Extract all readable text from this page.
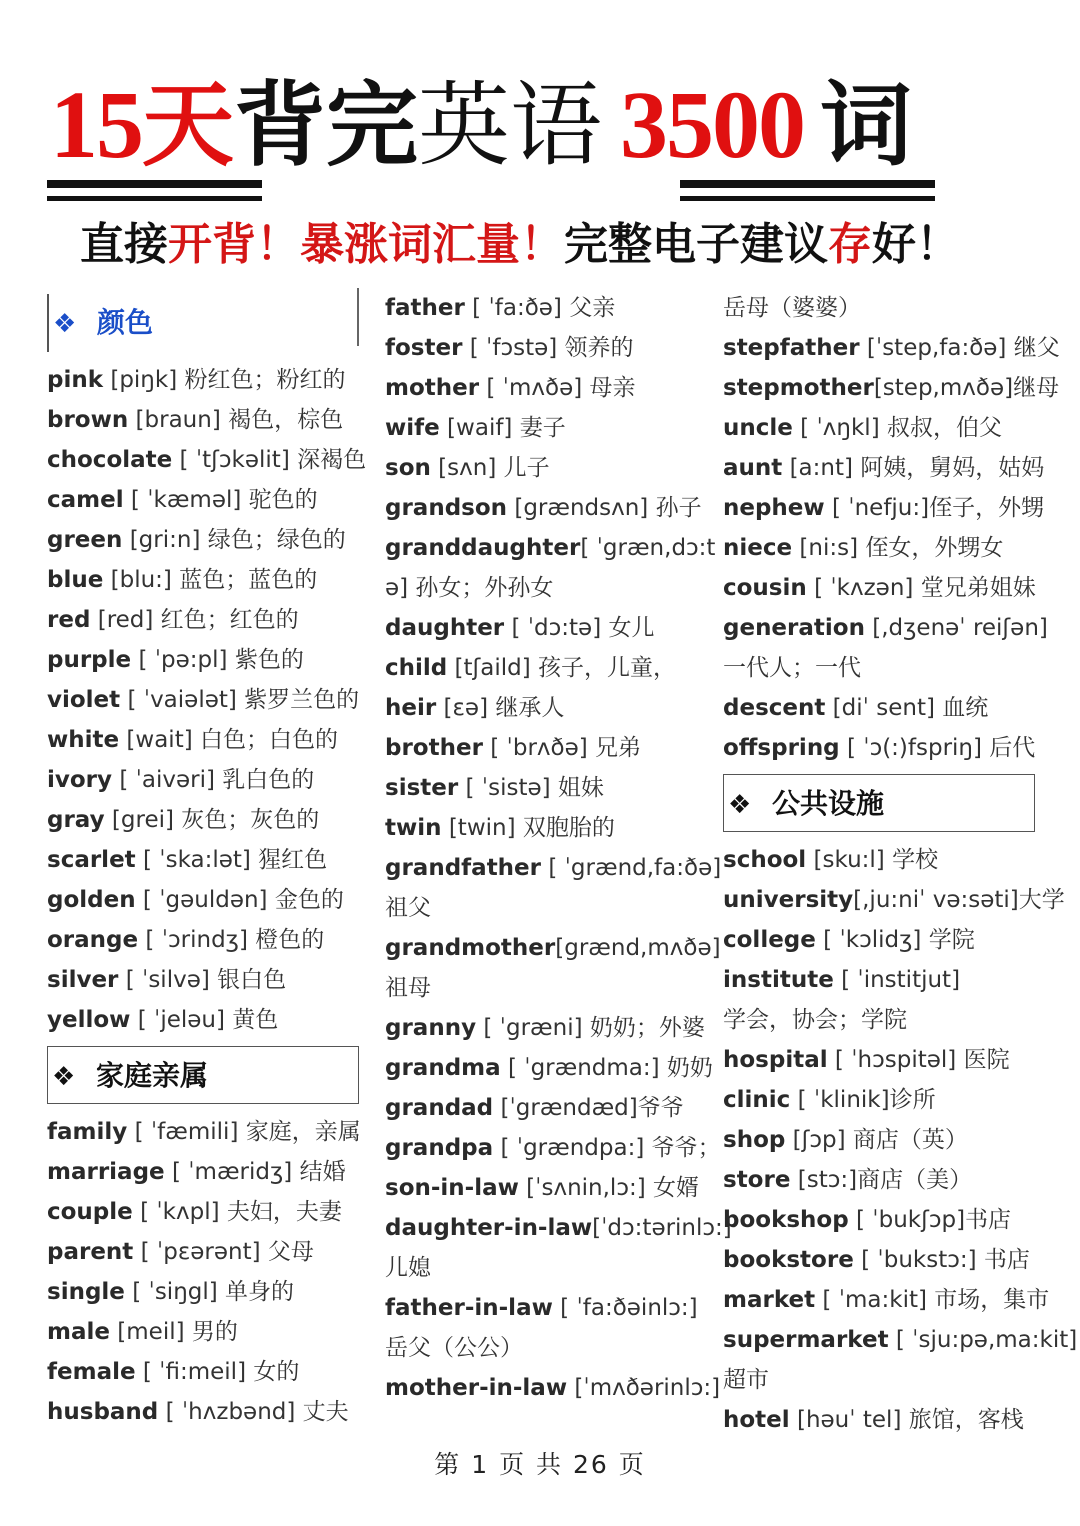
15天背完英语 3500 词
直接开背！暴涨词汇量！完整电子建议存好！
❖ 颜色
pink [piŋk] 粉红色；粉红的
brown [braun] 褐色，棕色
chocolate [ ˈtʃɔkəlit] 深褐色
camel [ ˈkæməl] 驼色的
green [gri:n] 绿色；绿色的
blue [blu:] 蓝色；蓝色的
red [red] 红色；红色的
purple [ ˈpə:pl] 紫色的
violet [ ˈvaiələt] 紫罗兰色的
white [wait] 白色；白色的
ivory [ ˈaivəri] 乳白色的
gray [grei] 灰色；灰色的
scarlet [ ˈska:lət] 猩红色
golden [ ˈgəuldən] 金色的
orange [ ˈɔrindʒ] 橙色的
silver [ ˈsilvə] 银白色
yellow [ ˈjeləu] 黄色
❖ 家庭亲属
family [ ˈfæmili] 家庭，亲属
marriage [ ˈmæridʒ] 结婚
couple [ ˈkʌpl] 夫妇，夫妻
parent [ ˈpεərənt] 父母
single [ ˈsiŋgl] 单身的
male [meil] 男的
female [ ˈfi:meil] 女的
husband [ ˈhʌzbənd] 丈夫
father [ ˈfa:ðə] 父亲
foster [ ˈfɔstə] 领养的
mother [ ˈmʌðə] 母亲
wife [waif] 妻子
son [sʌn] 儿子
grandson [grændsʌn] 孙子
granddaughter[ ˈgræn,dɔ:t
ə] 孙女；外孙女
daughter [ ˈdɔ:tə] 女儿
child [tʃaild] 孩子，儿童，
heir [εə] 继承人
brother [ ˈbrʌðə] 兄弟
sister [ ˈsistə] 姐妹
twin [twin] 双胞胎的
grandfather [ ˈgrænd,fa:ðə]
祖父
grandmother[grænd,mʌðə]
祖母
granny [ ˈgræni] 奶奶；外婆
grandma [ ˈgrændma:] 奶奶
grandad [ˈgrændæd]爷爷
grandpa [ ˈgrændpa:] 爷爷；
son-in-law [ˈsʌnin,lɔ:] 女婿
daughter-in-law[ˈdɔ:tərinlɔ:]
儿媳
father-in-law [ ˈfa:ðəinlɔ:]
岳父（公公）
mother-in-law [ˈmʌðərinlɔ:]
岳母（婆婆）
stepfather [ˈstep,fa:ðə] 继父
stepmother[step,mʌðə]继母
uncle [ ˈʌŋkl] 叔叔，伯父
aunt [a:nt] 阿姨，舅妈，姑妈
nephew [ ˈnefju:]侄子，外甥
niece [ni:s] 侄女，外甥女
cousin [ ˈkʌzən] 堂兄弟姐妹
generation [,dʒenəˈ reiʃən]
一代人；一代
descent [diˈ sent] 血统
offspring [ ˈɔ(:)fspriŋ] 后代
❖ 公共设施
school [sku:l] 学校
university[,ju:niˈ və:səti]大学
college [ ˈkɔlidʒ] 学院
institute [ ˈinstitjut]
学会，协会；学院
hospital [ ˈhɔspitəl] 医院
clinic [ ˈklinik]诊所
shop [ʃɔp] 商店（英）
store [stɔ:]商店（美）
bookshop [ ˈbukʃɔp]书店
bookstore [ ˈbukstɔ:] 书店
market [ ˈma:kit] 市场，集市
supermarket [ ˈsju:pə,ma:kit]
超市
hotel [həuˈ tel] 旅馆，客栈
第 1 页 共 26 页
